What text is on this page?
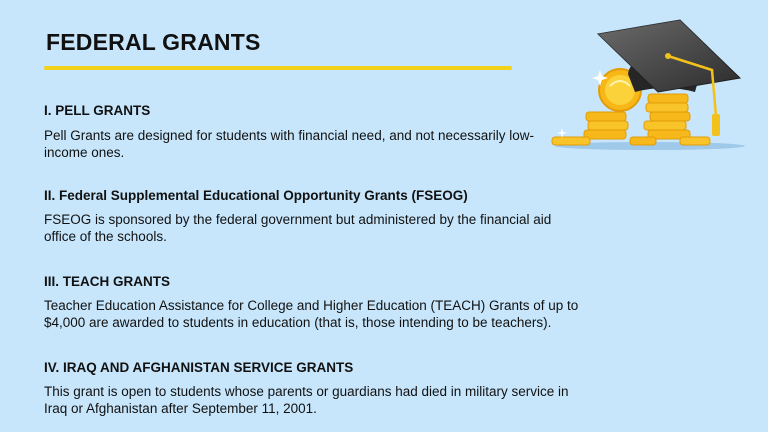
FEDERAL GRANTS
I. PELL GRANTS

Pell Grants are designed for students with financial need, and not necessarily low-income ones.

II. Federal Supplemental Educational Opportunity Grants (FSEOG)

FSEOG is sponsored by the federal government but administered by the financial aid office of the schools.

III. TEACH GRANTS

Teacher Education Assistance for College and Higher Education (TEACH) Grants of up to $4,000 are awarded to students in education (that is, those intending to be teachers).

IV. IRAQ AND AFGHANISTAN SERVICE GRANTS

This grant is open to students whose parents or guardians had died in military service in Iraq or Afghanistan after September 11, 2001.
